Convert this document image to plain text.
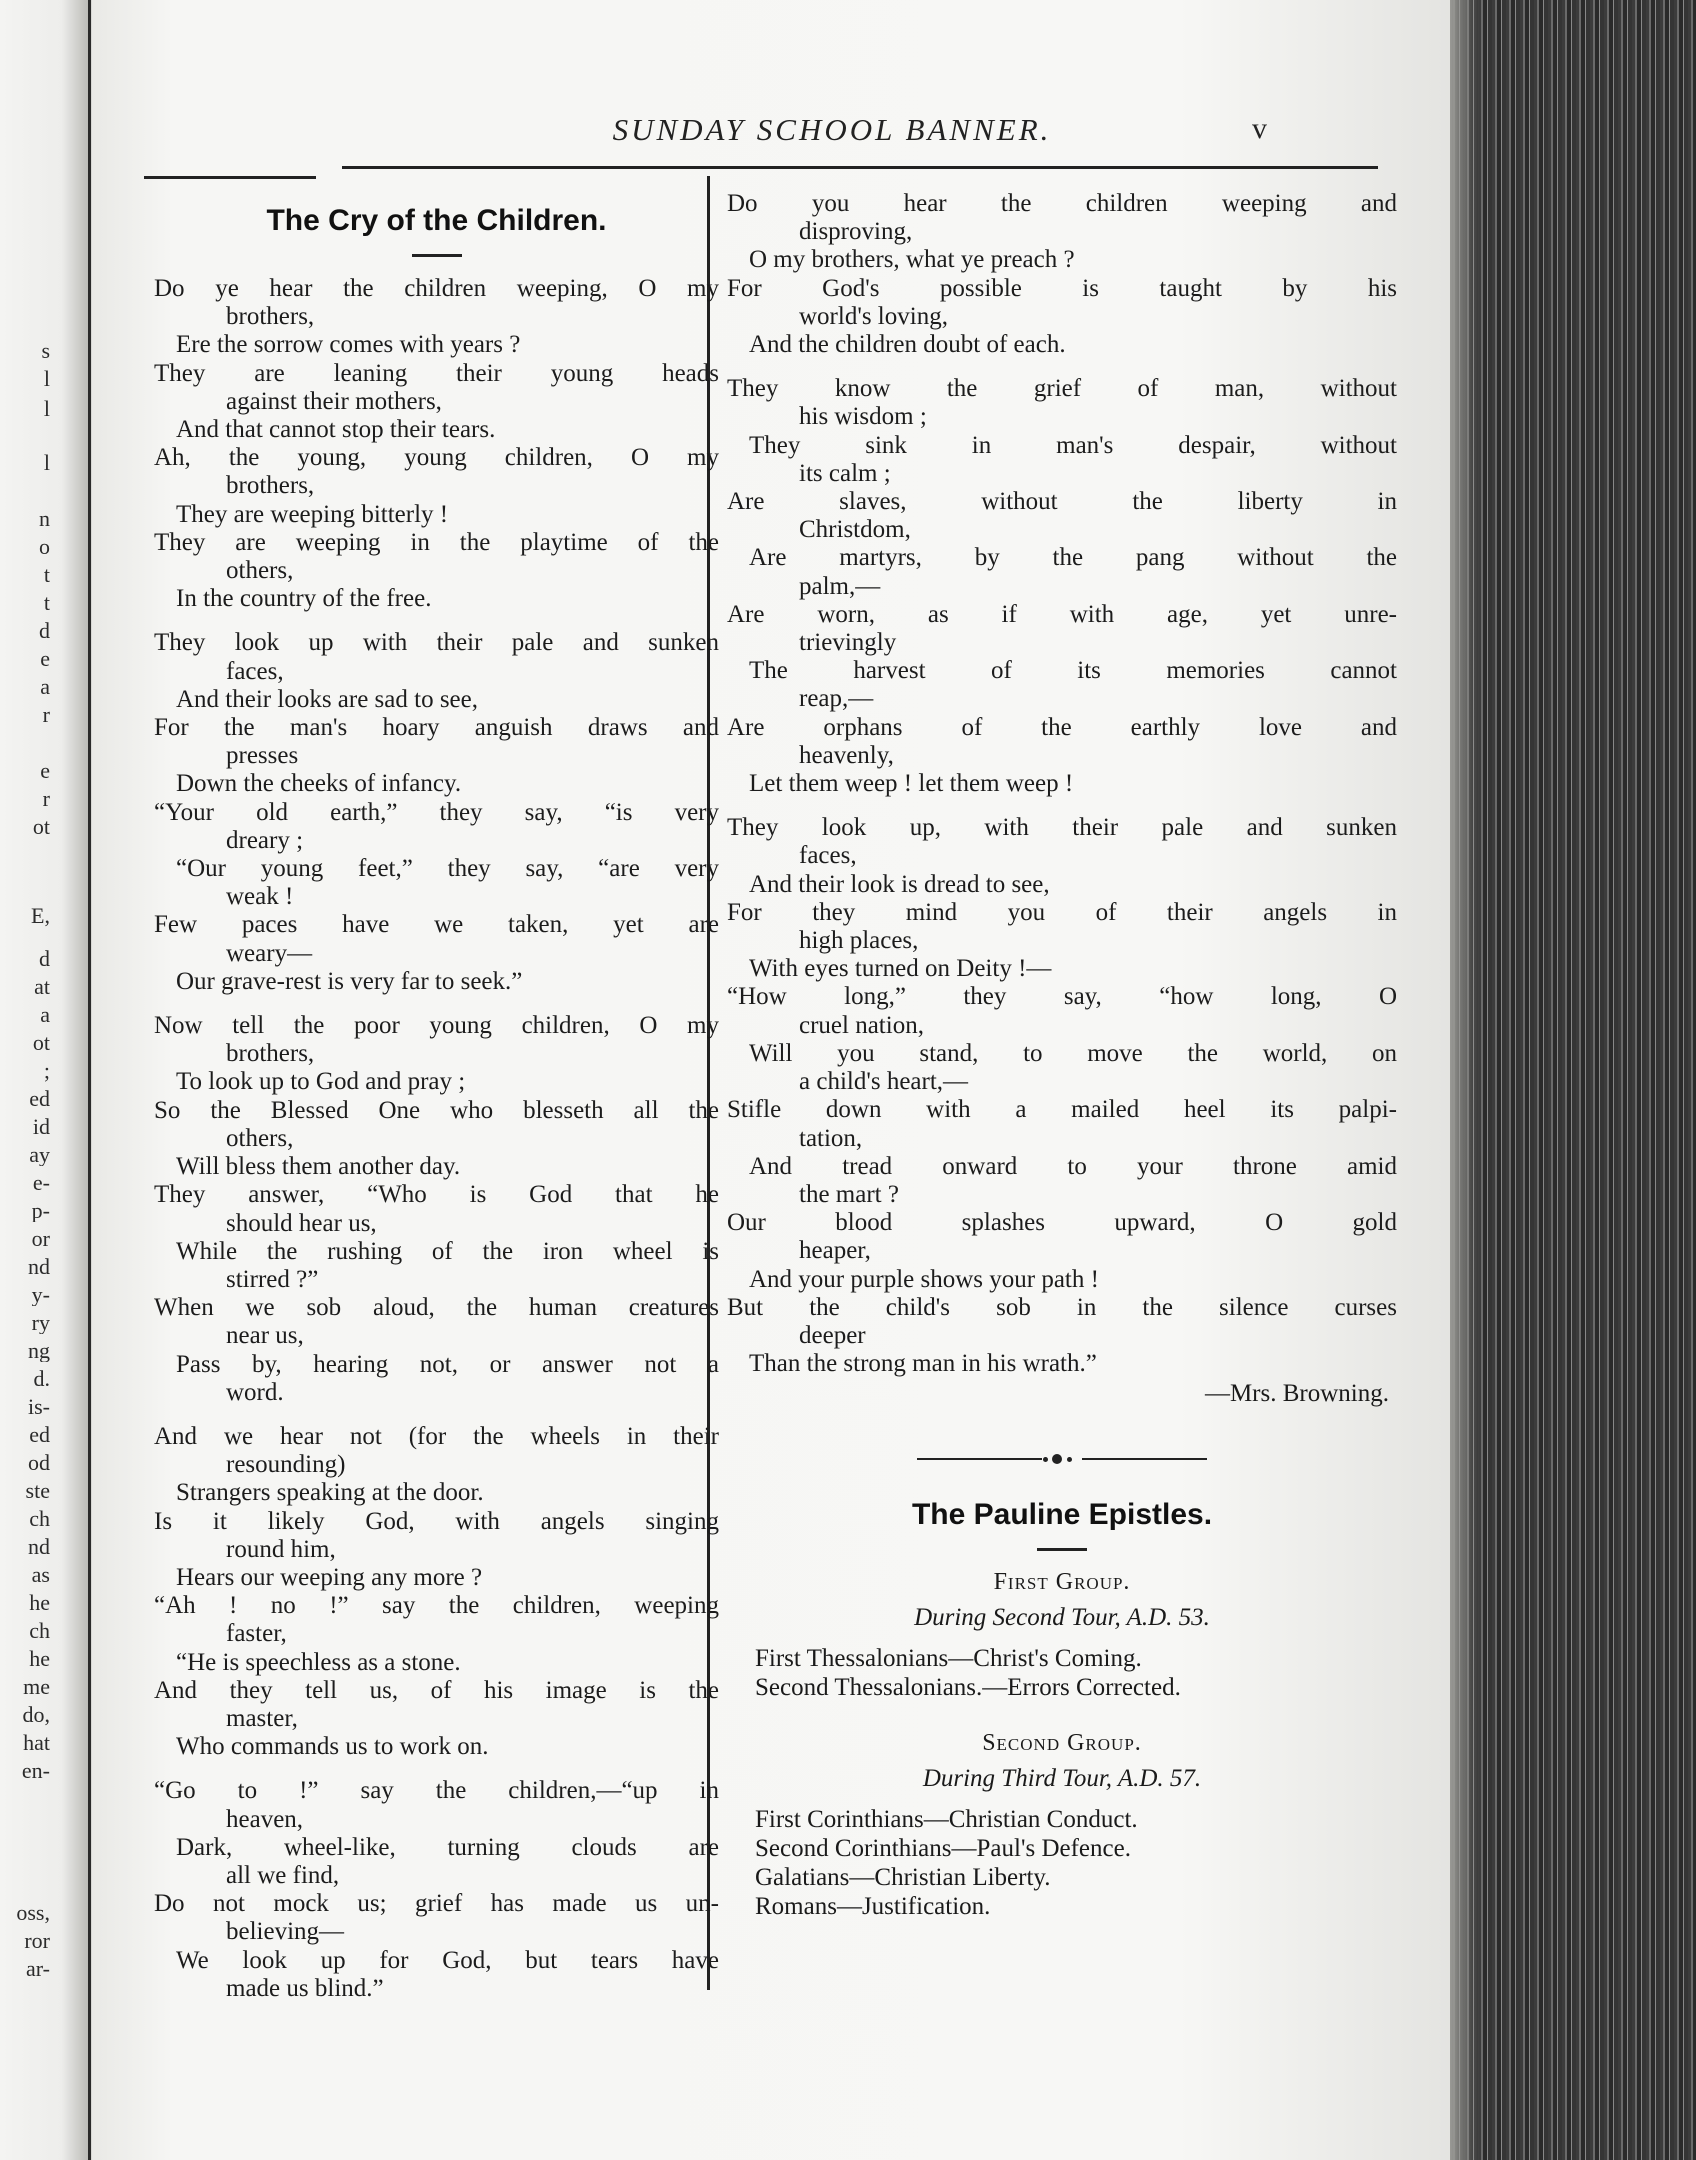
s
l
l
l
n
o
t
t
d
e
a
r
e
r
ot
E,
d
at
a
ot
;
ed
id
ay
e-
p-
or
nd
y-
ry
ng
d.
is-
ed
od
ste
ch
nd
as
he
ch
he
me
do,
hat
en-
oss,
ror
ar-
SUNDAY SCHOOL BANNER.	v
The Cry of the Children.
Do ye hear the children weeping, O my
brothers,
Ere the sorrow comes with years ?
They are leaning their young heads
against their mothers,
And that cannot stop their tears.
Ah, the young, young children, O my
brothers,
They are weeping bitterly !
They are weeping in the playtime of the
others,
In the country of the free.
They look up with their pale and sunken
faces,
And their looks are sad to see,
For the man's hoary anguish draws and
presses
Down the cheeks of infancy.
“Your old earth,” they say, “is very
dreary ;
“Our young feet,” they say, “are very
weak !
Few paces have we taken, yet are
weary—
Our grave-rest is very far to seek.”
Now tell the poor young children, O my
brothers,
To look up to God and pray ;
So the Blessed One who blesseth all the
others,
Will bless them another day.
They answer, “Who is God that he
should hear us,
While the rushing of the iron wheel is
stirred ?”
When we sob aloud, the human creatures
near us,
Pass by, hearing not, or answer not a
word.
And we hear not (for the wheels in their
resounding)
Strangers speaking at the door.
Is it likely God, with angels singing
round him,
Hears our weeping any more ?
“Ah ! no !” say the children, weeping
faster,
“He is speechless as a stone.
And they tell us, of his image is the
master,
Who commands us to work on.
“Go to !” say the children,—“up in
heaven,
Dark, wheel-like, turning clouds are
all we find,
Do not mock us; grief has made us un-
believing—
We look up for God, but tears have
made us blind.”
Do you hear the children weeping and
disproving,
O my brothers, what ye preach ?
For God's possible is taught by his
world's loving,
And the children doubt of each.
They know the grief of man, without
his wisdom ;
They sink in man's despair, without
its calm ;
Are slaves, without the liberty in
Christdom,
Are martyrs, by the pang without the
palm,—
Are worn, as if with age, yet unre-
trievingly
The harvest of its memories cannot
reap,—
Are orphans of the earthly love and
heavenly,
Let them weep ! let them weep !
They look up, with their pale and sunken
faces,
And their look is dread to see,
For they mind you of their angels in
high places,
With eyes turned on Deity !—
“How long,” they say, “how long, O
cruel nation,
Will you stand, to move the world, on
a child's heart,—
Stifle down with a mailed heel its palpi-
tation,
And tread onward to your throne amid
the mart ?
Our blood splashes upward, O gold
heaper,
And your purple shows your path !
But the child's sob in the silence curses
deeper
Than the strong man in his wrath.”
—Mrs. Browning.
The Pauline Epistles.
First Group.
During Second Tour, A.D. 53.
First Thessalonians—Christ's Coming.
Second Thessalonians.—Errors Corrected.
Second Group.
During Third Tour, A.D. 57.
First Corinthians—Christian Conduct.
Second Corinthians—Paul's Defence.
Galatians—Christian Liberty.
Romans—Justification.
